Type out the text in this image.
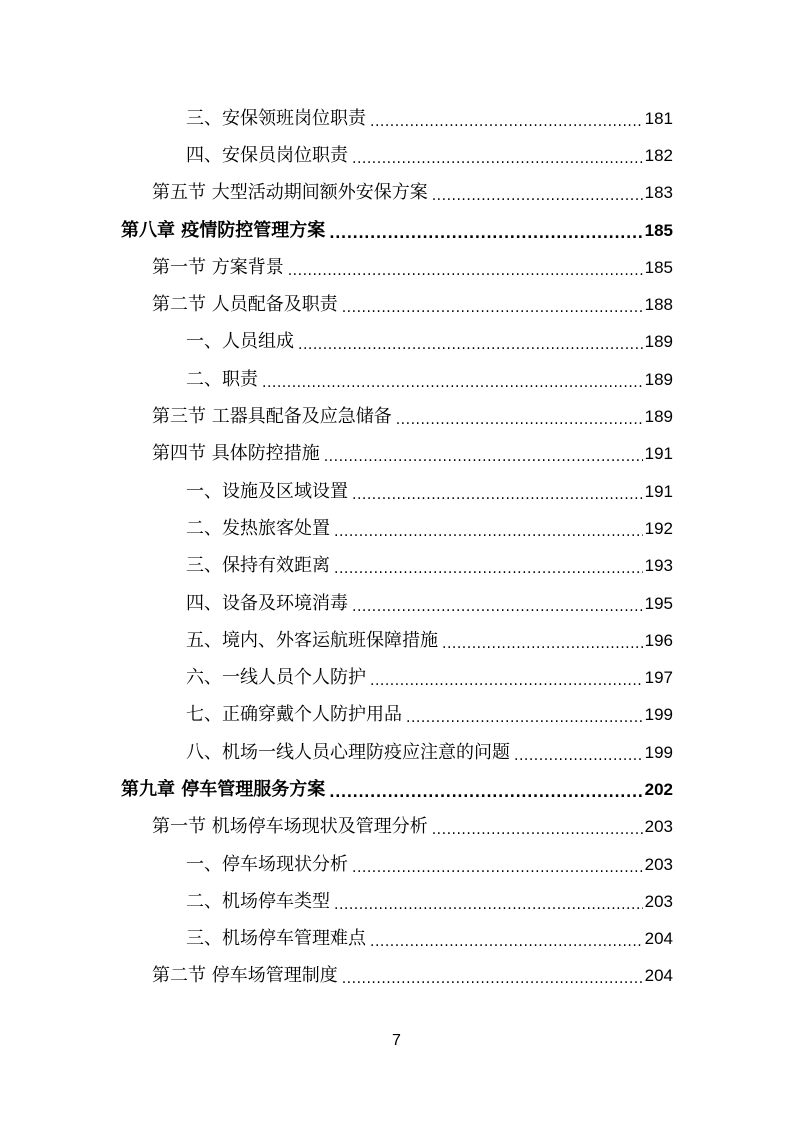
三、安保领班岗位职责 .....	181
四、安保员岗位职责 .....	182
第五节 大型活动期间额外安保方案 .....	183
第八章 疫情防控管理方案 .....	185
第一节 方案背景 .....	185
第二节 人员配备及职责 .....	188
一、人员组成 .....	189
二、职责 .....	189
第三节 工器具配备及应急储备 .....	189
第四节 具体防控措施 .....	191
一、设施及区域设置 .....	191
二、发热旅客处置 .....	192
三、保持有效距离 .....	193
四、设备及环境消毒 .....	195
五、境内、外客运航班保障措施 .....	196
六、一线人员个人防护 .....	197
七、正确穿戴个人防护用品 .....	199
八、机场一线人员心理防疫应注意的问题 .....	199
第九章 停车管理服务方案 .....	202
第一节 机场停车场现状及管理分析 .....	203
一、停车场现状分析 .....	203
二、机场停车类型 .....	203
三、机场停车管理难点 .....	204
第二节 停车场管理制度 .....	204
7
